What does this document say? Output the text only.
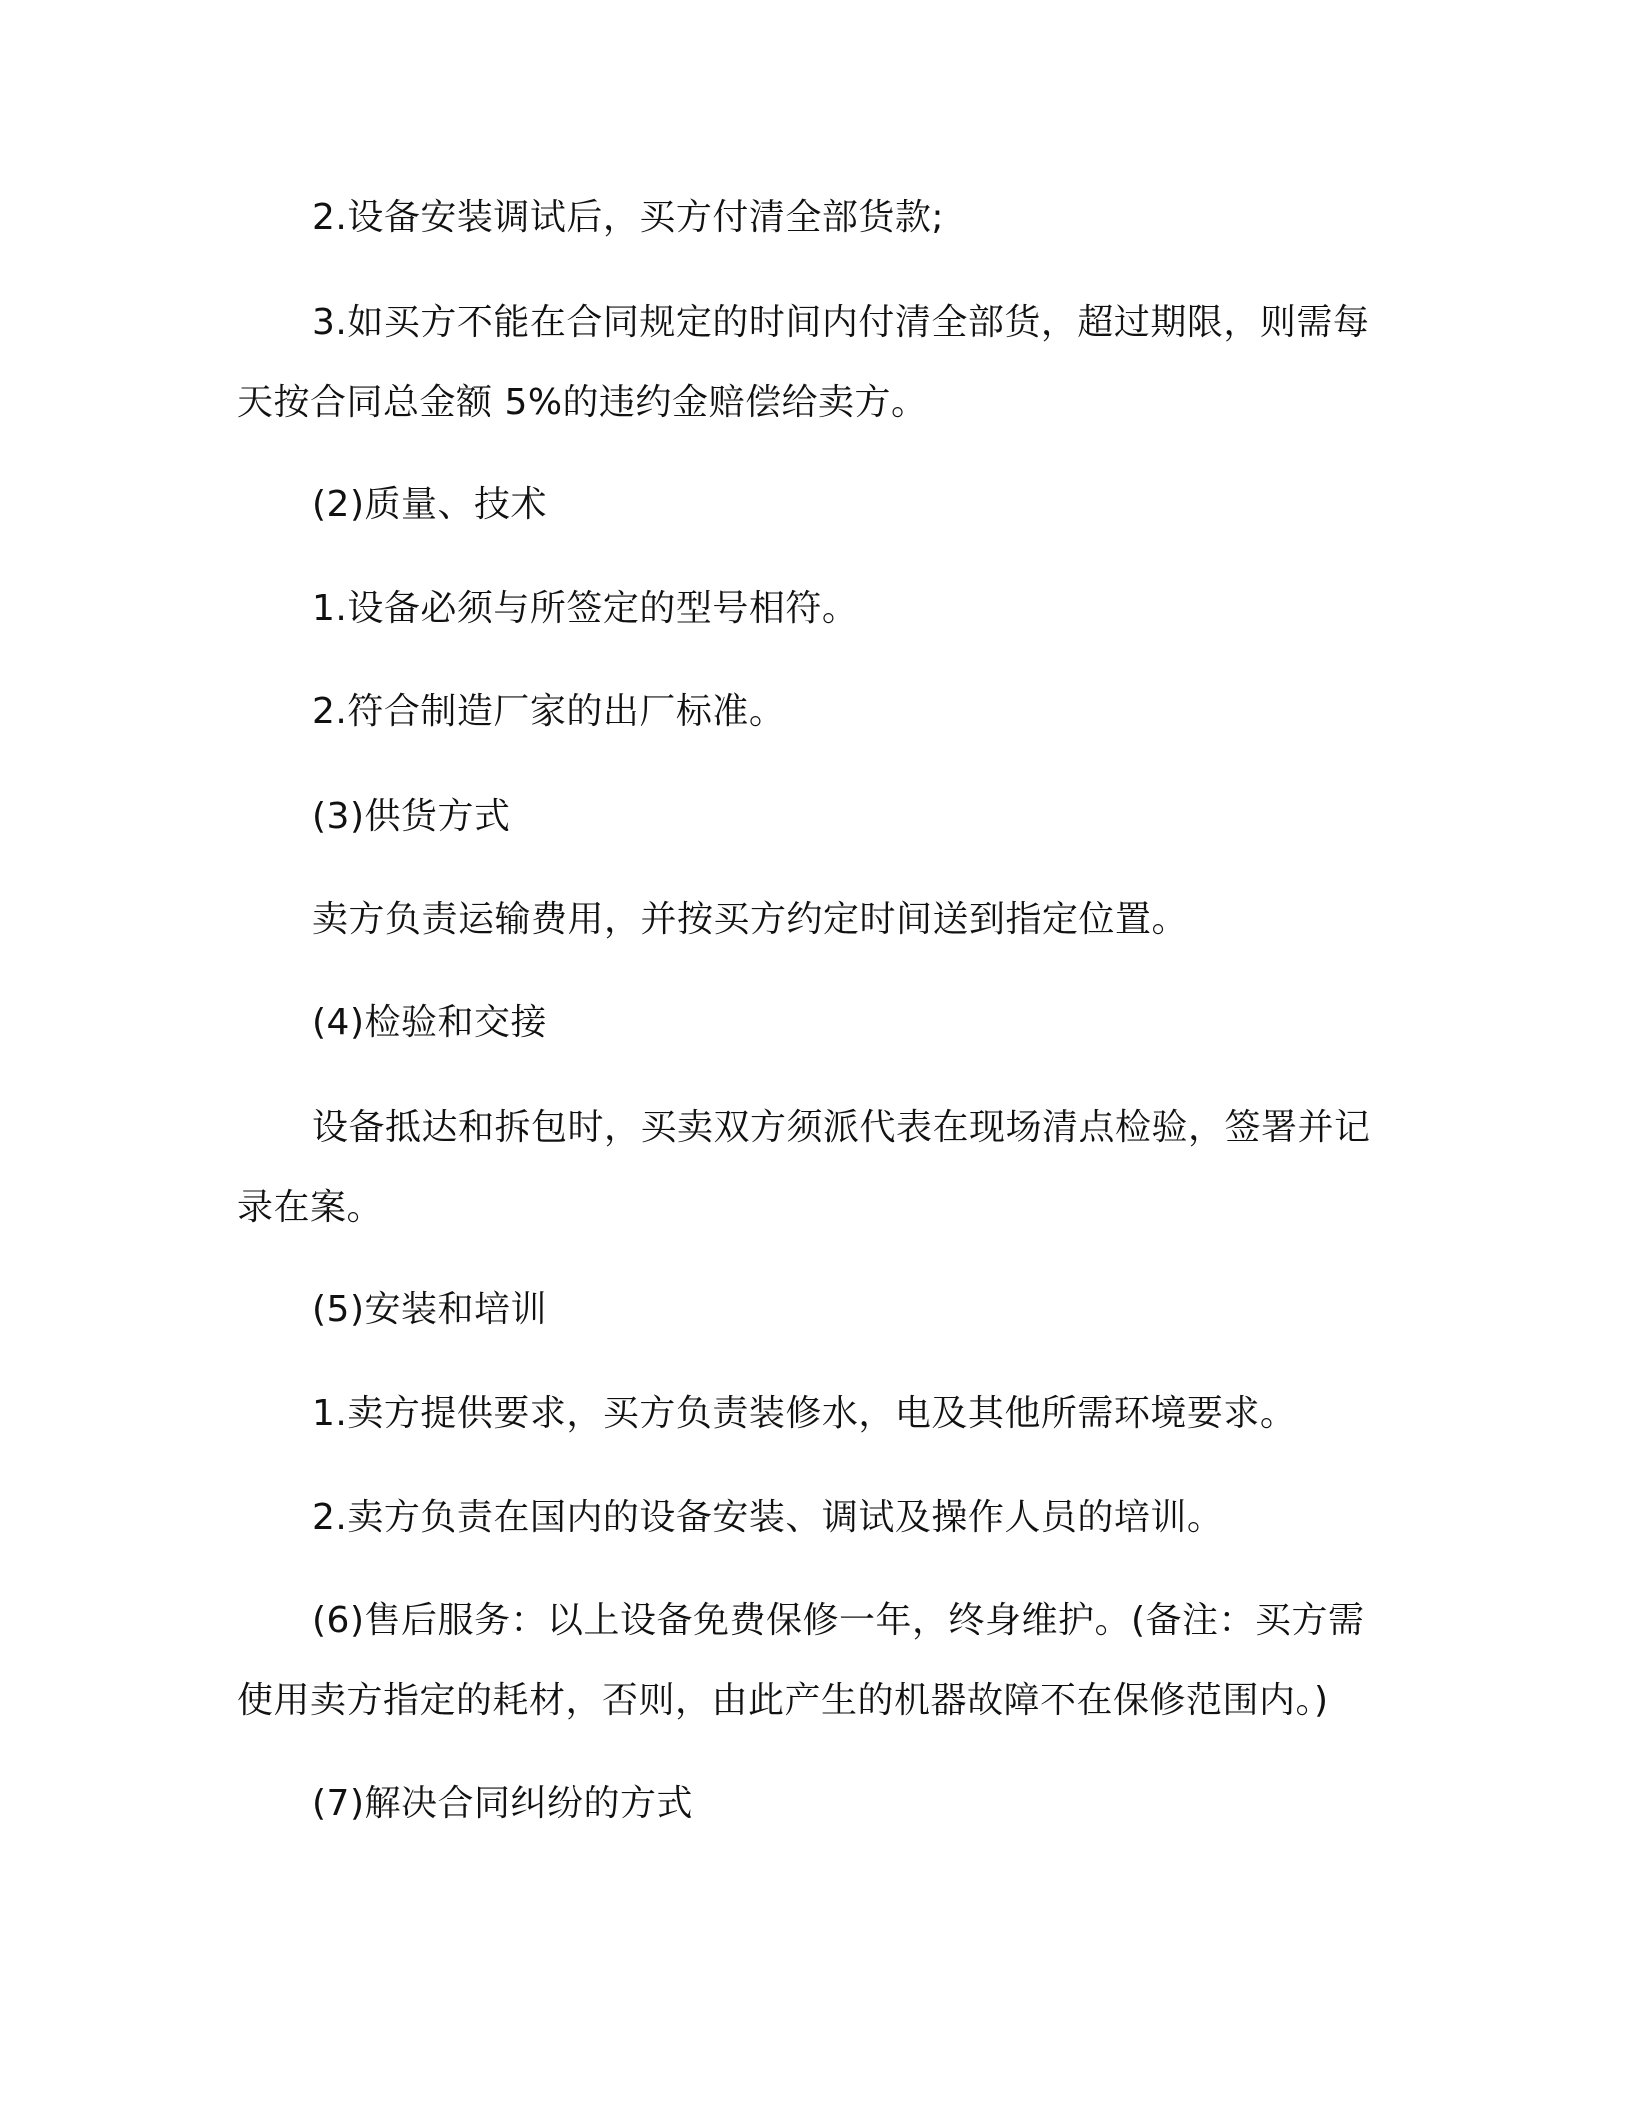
2.设备安装调试后，买方付清全部货款;

3.如买方不能在合同规定的时间内付清全部货，超过期限，则需每天按合同总金额 5%的违约金赔偿给卖方。

(2)质量、技术

1.设备必须与所签定的型号相符。

2.符合制造厂家的出厂标准。

(3)供货方式

卖方负责运输费用，并按买方约定时间送到指定位置。

(4)检验和交接

设备抵达和拆包时，买卖双方须派代表在现场清点检验，签署并记录在案。

(5)安装和培训

1.卖方提供要求，买方负责装修水，电及其他所需环境要求。

2.卖方负责在国内的设备安装、调试及操作人员的培训。

(6)售后服务：以上设备免费保修一年，终身维护。(备注：买方需使用卖方指定的耗材，否则，由此产生的机器故障不在保修范围内。)

(7)解决合同纠纷的方式
